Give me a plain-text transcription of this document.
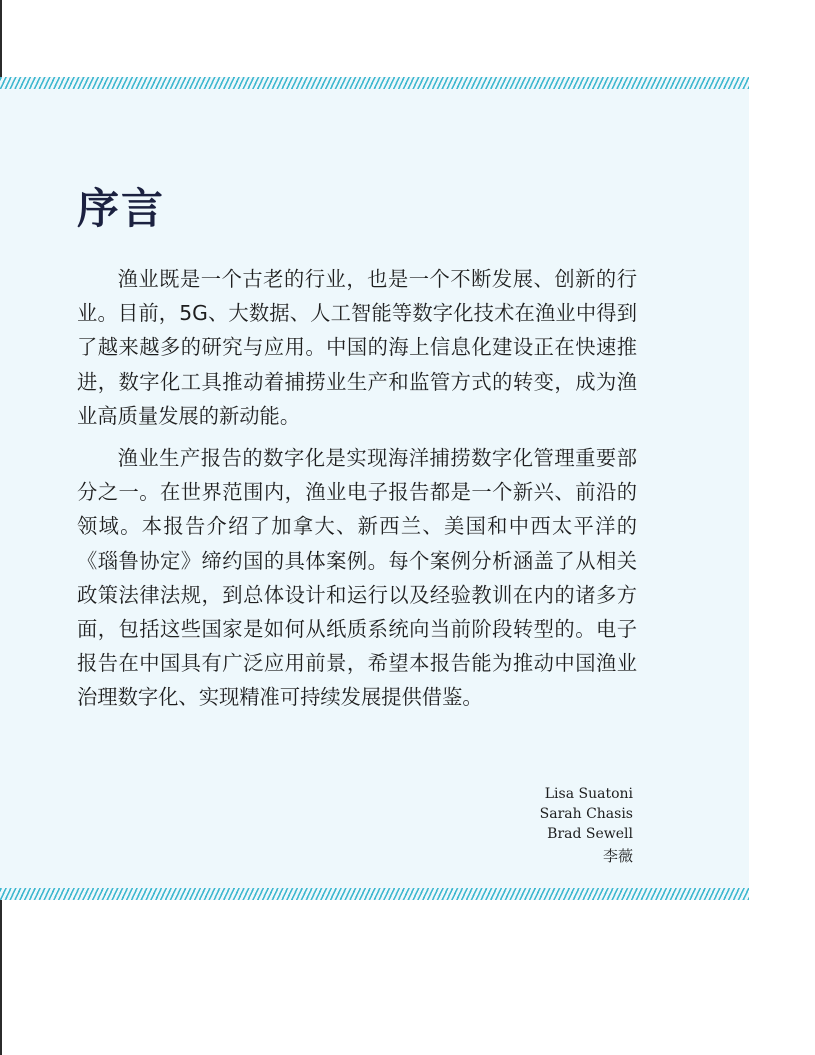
序言

渔业既是一个古老的行业，也是一个不断发展、创新的行业。目前，5G、大数据、人工智能等数字化技术在渔业中得到了越来越多的研究与应用。中国的海上信息化建设正在快速推进，数字化工具推动着捕捞业生产和监管方式的转变，成为渔业高质量发展的新动能。

渔业生产报告的数字化是实现海洋捕捞数字化管理重要部分之一。在世界范围内，渔业电子报告都是一个新兴、前沿的领域。本报告介绍了加拿大、新西兰、美国和中西太平洋的《瑙鲁协定》缔约国的具体案例。每个案例分析涵盖了从相关政策法律法规，到总体设计和运行以及经验教训在内的诸多方面，包括这些国家是如何从纸质系统向当前阶段转型的。电子报告在中国具有广泛应用前景，希望本报告能为推动中国渔业治理数字化、实现精准可持续发展提供借鉴。

Lisa Suatoni
Sarah Chasis
Brad Sewell
李薇
